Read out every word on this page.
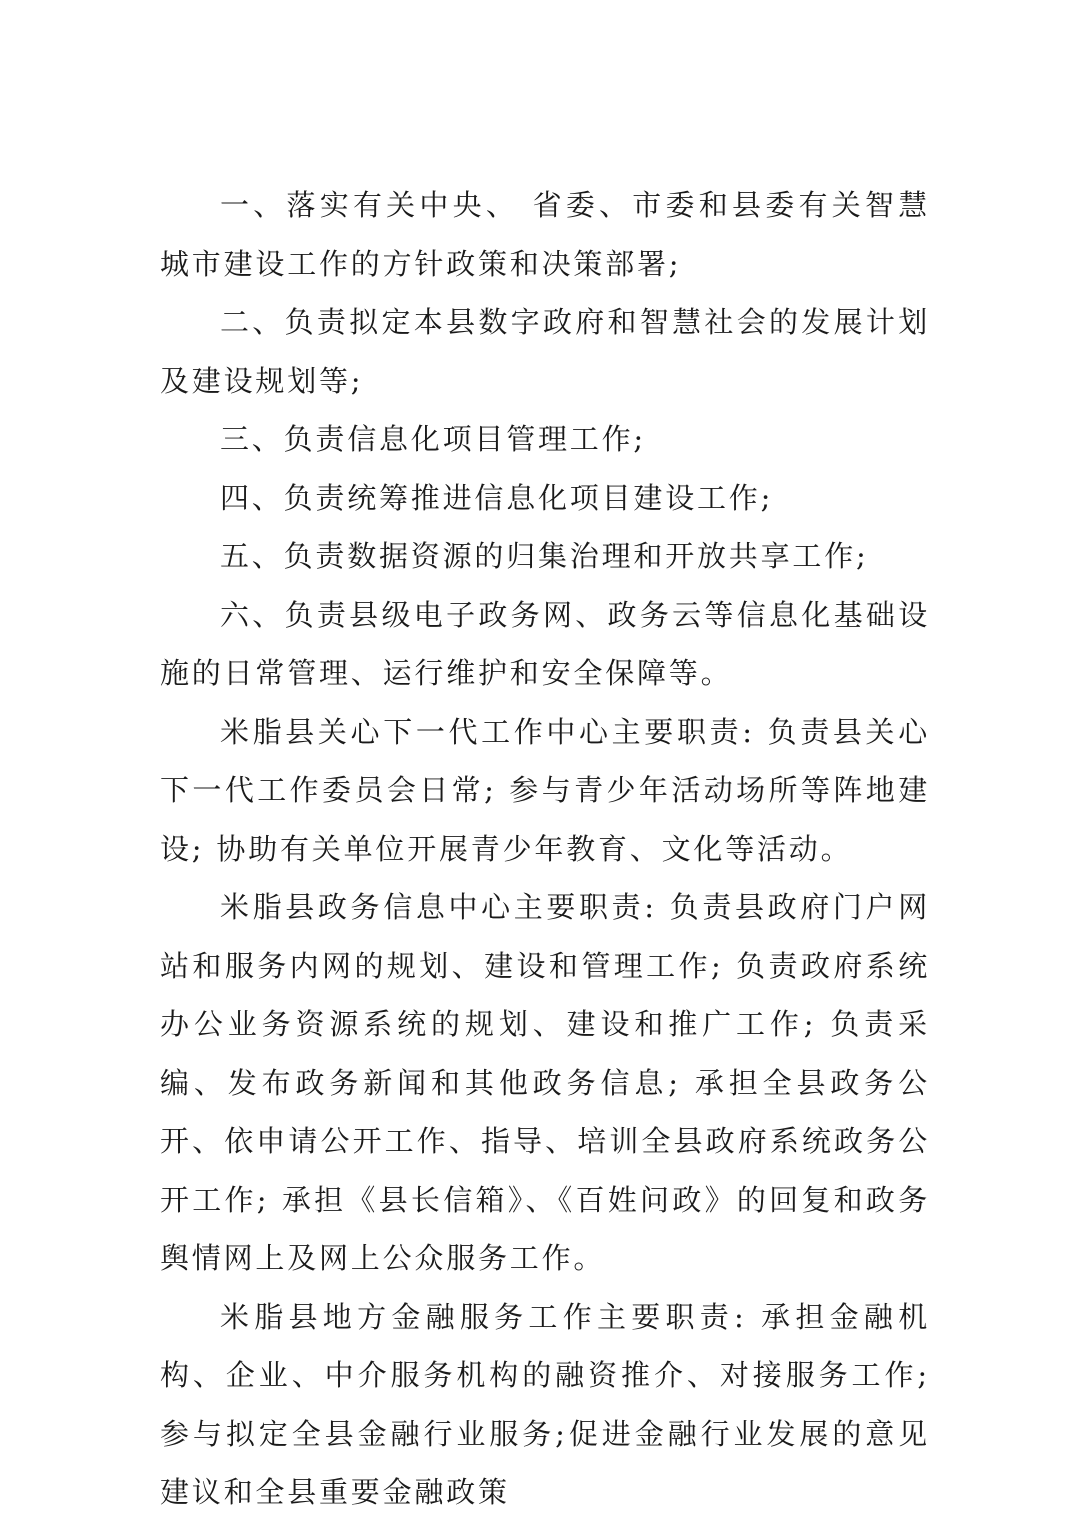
一、落实有关中央、 省委、市委和县委有关智慧城市建设工作的方针政策和决策部署;

二、负责拟定本县数字政府和智慧社会的发展计划及建设规划等;

三、负责信息化项目管理工作;

四、负责统筹推进信息化项目建设工作;

五、负责数据资源的归集治理和开放共享工作;

六、负责县级电子政务网、政务云等信息化基础设施的日常管理、运行维护和安全保障等。

米脂县关心下一代工作中心主要职责: 负责县关心下一代工作委员会日常; 参与青少年活动场所等阵地建设; 协助有关单位开展青少年教育、文化等活动。

米脂县政务信息中心主要职责: 负责县政府门户网站和服务内网的规划、建设和管理工作; 负责政府系统办公业务资源系统的规划、建设和推广工作; 负责采编、发布政务新闻和其他政务信息; 承担全县政务公开、依申请公开工作、指导、培训全县政府系统政务公开工作; 承担《县长信箱》、《百姓问政》的回复和政务舆情网上及网上公众服务工作。

米脂县地方金融服务工作主要职责: 承担金融机构、企业、中介服务机构的融资推介、对接服务工作; 参与拟定全县金融行业服务;促进金融行业发展的意见建议和全县重要金融政策
